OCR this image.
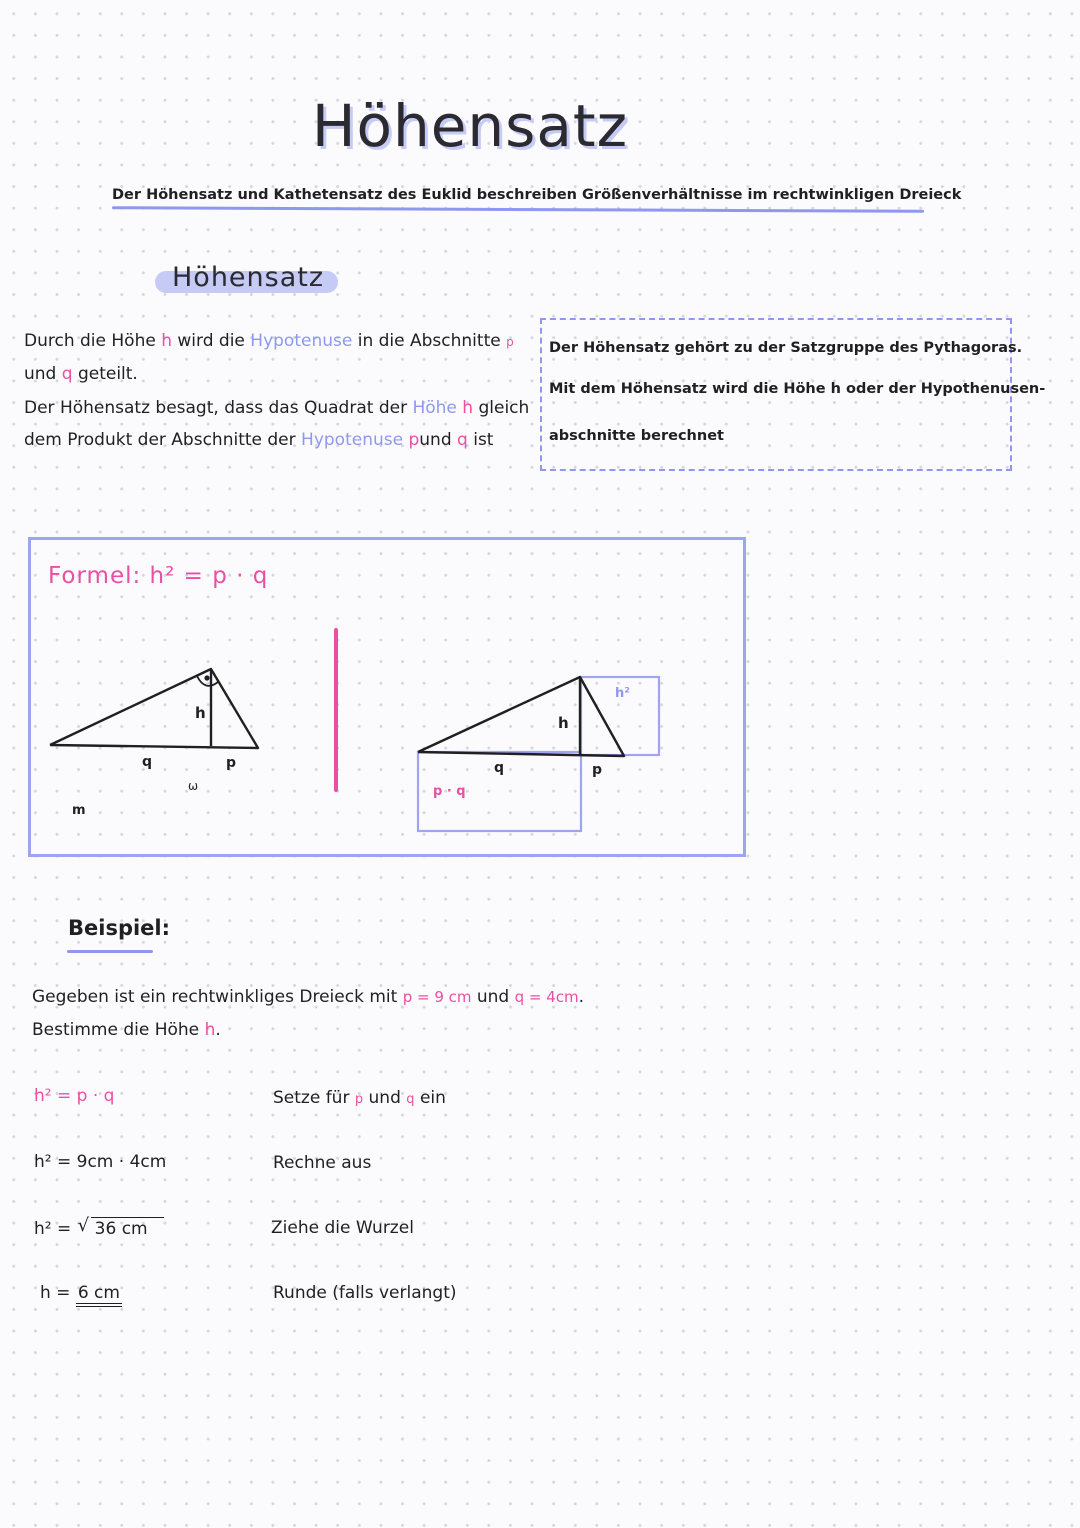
Höhensatz
Der Höhensatz und Kathetensatz des Euklid beschreiben Größenverhältnisse im rechtwinkligen Dreieck
Höhensatz
Durch die Höhe h wird die Hypotenuse in die Abschnitte p
und q geteilt.
Der Höhensatz besagt, dass das Quadrat der Höhe h gleich
dem Produkt der Abschnitte der Hypotenuse pund q ist
Der Höhensatz gehört zu der Satzgruppe des Pythagoras.
Mit dem Höhensatz wird die Höhe h oder der Hypothenusen-
abschnitte berechnet
Formel: h² = p · q
h
q	p
ω
m
h
h²
q	p
p · q
Beispiel:
Gegeben ist ein rechtwinkliges Dreieck mit p = 9 cm und q = 4cm.
Bestimme die Höhe h.
h² = p · q	Setze für p und q ein
h² = 9cm · 4cm	Rechne aus
h² = √ 36 cm	Ziehe die Wurzel
h = 6 cm	Runde (falls verlangt)
